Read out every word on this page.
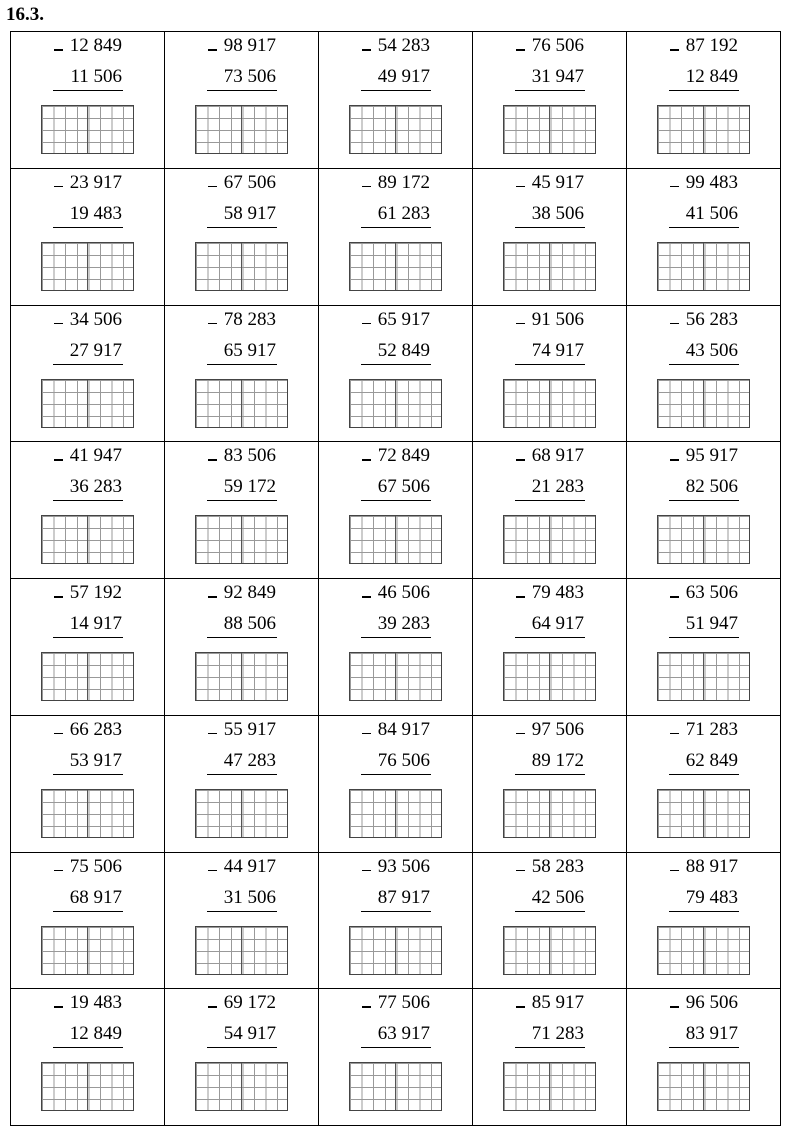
16.3.
12 849
11 506
98 917
73 506
54 283
49 917
76 506
31 947
87 192
12 849
23 917
19 483
67 506
58 917
89 172
61 283
45 917
38 506
99 483
41 506
34 506
27 917
78 283
65 917
65 917
52 849
91 506
74 917
56 283
43 506
41 947
36 283
83 506
59 172
72 849
67 506
68 917
21 283
95 917
82 506
57 192
14 917
92 849
88 506
46 506
39 283
79 483
64 917
63 506
51 947
66 283
53 917
55 917
47 283
84 917
76 506
97 506
89 172
71 283
62 849
75 506
68 917
44 917
31 506
93 506
87 917
58 283
42 506
88 917
79 483
19 483
12 849
69 172
54 917
77 506
63 917
85 917
71 283
96 506
83 917
